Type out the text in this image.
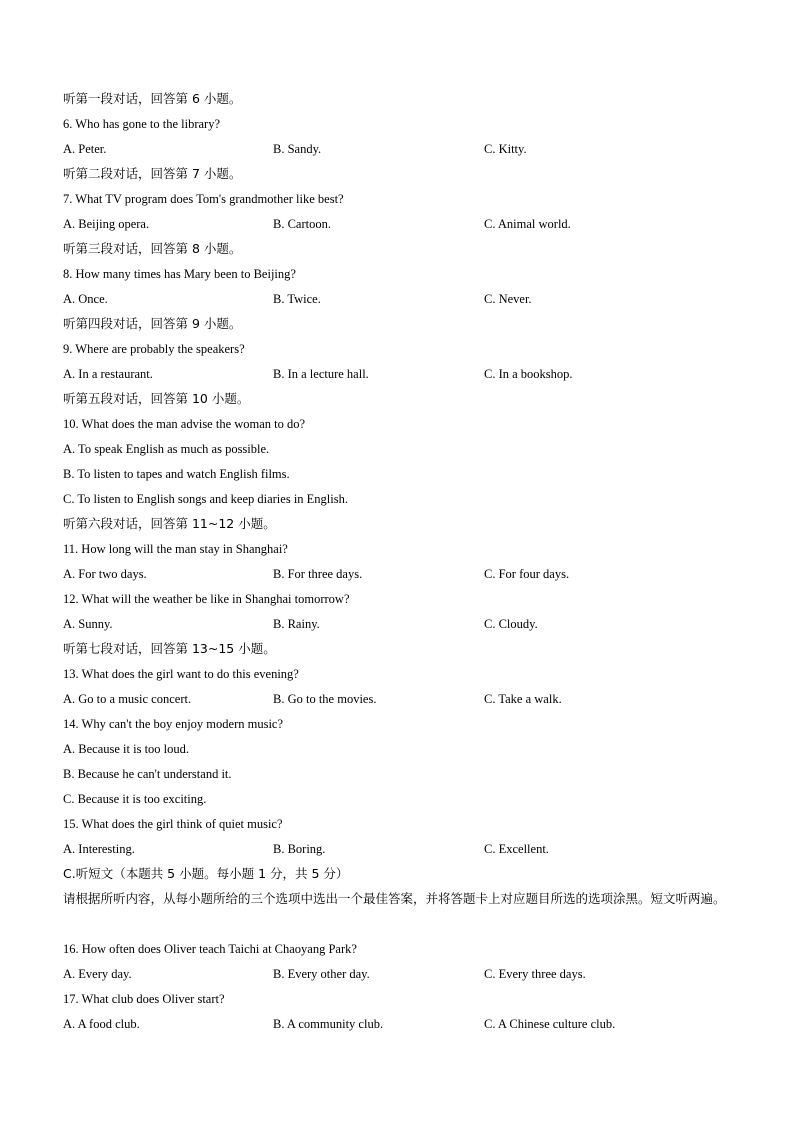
听第一段对话，回答第 6 小题。
6. Who has gone to the library?
A. Peter.	B. Sandy.	C. Kitty.
听第二段对话，回答第 7 小题。
7. What TV program does Tom's grandmother like best?
A. Beijing opera.	B. Cartoon.	C. Animal world.
听第三段对话，回答第 8 小题。
8. How many times has Mary been to Beijing?
A. Once.	B. Twice.	C. Never.
听第四段对话，回答第 9 小题。
9. Where are probably the speakers?
A. In a restaurant.	B. In a lecture hall.	C. In a bookshop.
听第五段对话，回答第 10 小题。
10. What does the man advise the woman to do?
A. To speak English as much as possible.
B. To listen to tapes and watch English films.
C. To listen to English songs and keep diaries in English.
听第六段对话，回答第 11~12 小题。
11. How long will the man stay in Shanghai?
A. For two days.	B. For three days.	C. For four days.
12. What will the weather be like in Shanghai tomorrow?
A. Sunny.	B. Rainy.	C. Cloudy.
听第七段对话，回答第 13~15 小题。
13. What does the girl want to do this evening?
A. Go to a music concert.	B. Go to the movies.	C. Take a walk.
14. Why can't the boy enjoy modern music?
A. Because it is too loud.
B. Because he can't understand it.
C. Because it is too exciting.
15. What does the girl think of quiet music?
A. Interesting.	B. Boring.	C. Excellent.
C.听短文（本题共 5 小题。每小题 1 分，共 5 分）
请根据所听内容，从每小题所给的三个选项中选出一个最佳答案，并将答题卡上对应题目所选的选项涂黑。短文听两遍。
16. How often does Oliver teach Taichi at Chaoyang Park?
A. Every day.	B. Every other day.	C. Every three days.
17. What club does Oliver start?
A. A food club.	B. A community club.	C. A Chinese culture club.
